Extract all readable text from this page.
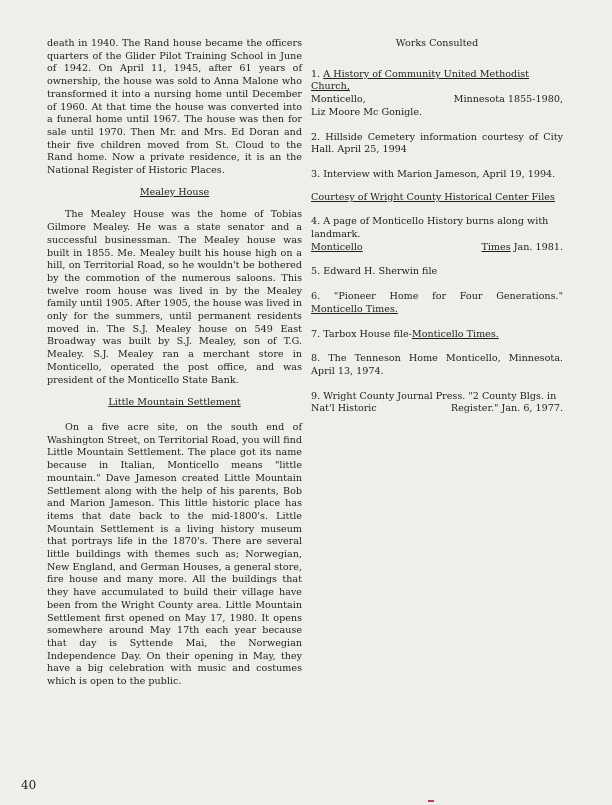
death in 1940. The Rand house became the officers quarters of the Glider Pilot Training School in June of 1942. On April 11, 1945, after 61 years of ownership, the house was sold to Anna Malone who transformed it into a nursing home until December of 1960. At that time the house was converted into a funeral home until 1967. The house was then for sale until 1970. Then Mr. and Mrs. Ed Doran and their five children moved from St. Cloud to the Rand home. Now a private residence, it is an the National Register of Historic Places.

Mealey House

The Mealey House was the home of Tobias Gilmore Mealey. He was a state senator and a successful businessman. The Mealey house was built in 1855. Me. Mealey built his house high on a hill, on Territorial Road, so he wouldn't be bothered by the commotion of the numerous saloons. This twelve room house was lived in by the Mealey family until 1905. After 1905, the house was lived in only for the summers, until permanent residents moved in. The S.J. Mealey house on 549 East Broadway was built by S.J. Mealey, son of T.G. Mealey. S.J. Mealey ran a merchant store in Monticello, operated the post office, and was president of the Monticello State Bank.

Little Mountain Settlement

On a five acre site, on the south end of Washington Street, on Territorial Road, you will find Little Mountain Settlement. The place got its name because in Italian, Monticello means "little mountain." Dave Jameson created Little Mountain Settlement along with the help of his parents, Bob and Marion Jameson. This little historic place has items that date back to the mid-1800's. Little Mountain Settlement is a living history museum that portrays life in the 1870's. There are several little buildings with themes such as; Norwegian, New England, and German Houses, a general store, fire house and many more. All the buildings that they have accumulated to build their village have been from the Wright County area. Little Mountain Settlement first opened on May 17, 1980. It opens somewhere around May 17th each year because that day is Syttende Mai, the Norwegian Independence Day. On their opening in May, they have a big celebration with music and costumes which is open to the public.

Works Consulted

1. A History of Community United Methodist Church,
Monticello,	Minnesota 1855-1980,
Liz Moore Mc Gonigle.

2. Hillside Cemetery information courtesy of City Hall. April 25, 1994

3. Interview with Marion Jameson, April 19, 1994.

Courtesy of Wright County Historical Center Files
4. A page of Monticello History burns along with landmark.
Monticello	Times Jan. 1981.

5. Edward H. Sherwin file

6. "Pioneer Home for Four Generations." Monticello Times.

7. Tarbox House file-Monticello Times.

8. The Tenneson Home Monticello, Minnesota. April 13, 1974.

9. Wright County Journal Press. "2 County Blgs. in
Nat'l Historic	Register." Jan. 6, 1977.
40
